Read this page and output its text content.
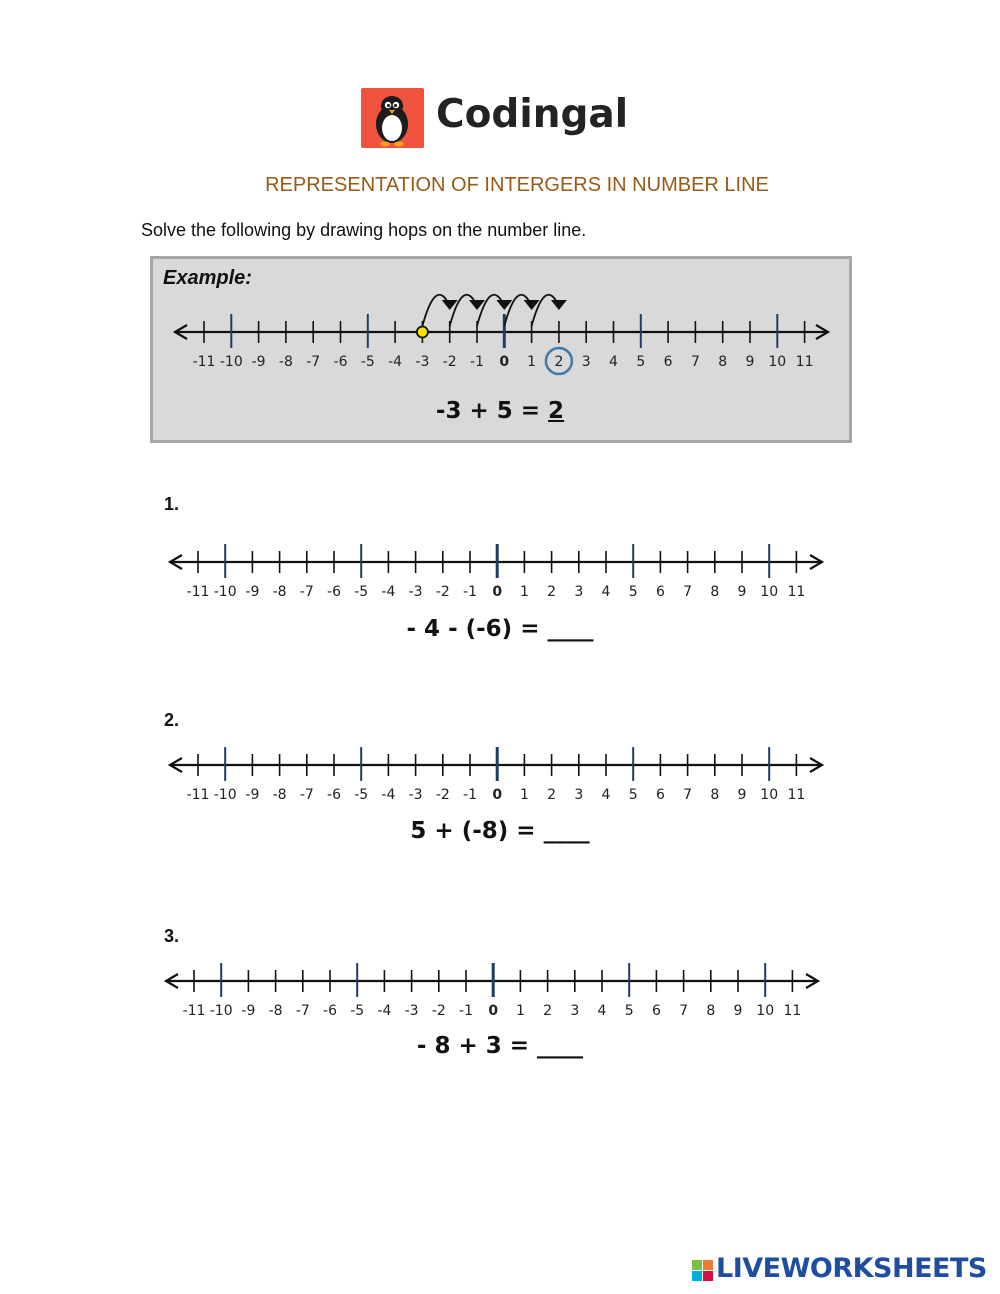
Codingal
REPRESENTATION OF INTERGERS IN NUMBER LINE
Solve the following by drawing hops on the number line.
Example:
-11 -10 -9 -8 -7 -6 -5 -4 -3 -2 -1 0 1 2 3 4 5 6 7 8 9 10 11
-3 + 5 = 2
1.
-11 -10 -9 -8 -7 -6 -5 -4 -3 -2 -1 0 1 2 3 4 5 6 7 8 9 10 11
- 4 - (-6) = ____
2.
-11 -10 -9 -8 -7 -6 -5 -4 -3 -2 -1 0 1 2 3 4 5 6 7 8 9 10 11
5 + (-8) = ____
3.
-11 -10 -9 -8 -7 -6 -5 -4 -3 -2 -1 0 1 2 3 4 5 6 7 8 9 10 11
- 8 + 3 = ____
LIVEWORKSHEETS
